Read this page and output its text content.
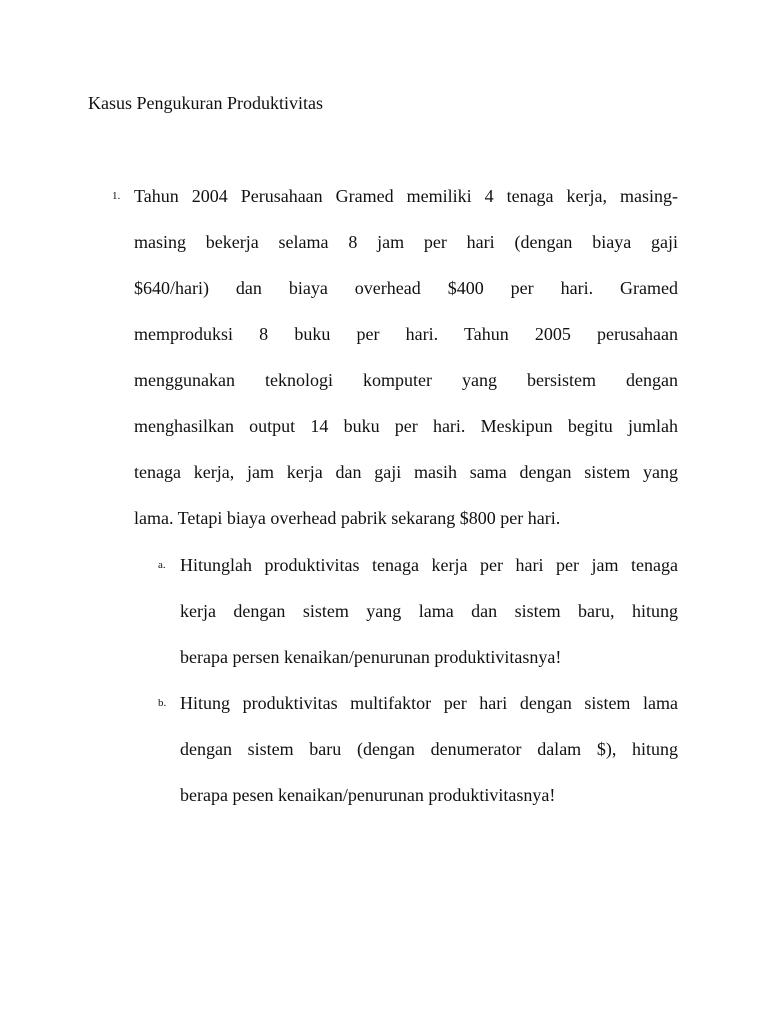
Kasus Pengukuran Produktivitas
1. Tahun 2004 Perusahaan Gramed memiliki 4 tenaga kerja, masing-
masing bekerja selama 8 jam per hari (dengan biaya gaji
$640/hari) dan biaya overhead $400 per hari. Gramed
memproduksi 8 buku per hari. Tahun 2005 perusahaan
menggunakan teknologi komputer yang bersistem dengan
menghasilkan output 14 buku per hari. Meskipun begitu jumlah
tenaga kerja, jam kerja dan gaji masih sama dengan sistem yang
lama. Tetapi biaya overhead pabrik sekarang $800 per hari.
a. Hitunglah produktivitas tenaga kerja per hari per jam tenaga
kerja dengan sistem yang lama dan sistem baru, hitung
berapa persen kenaikan/penurunan produktivitasnya!
b. Hitung produktivitas multifaktor per hari dengan sistem lama
dengan sistem baru (dengan denumerator dalam $), hitung
berapa pesen kenaikan/penurunan produktivitasnya!
